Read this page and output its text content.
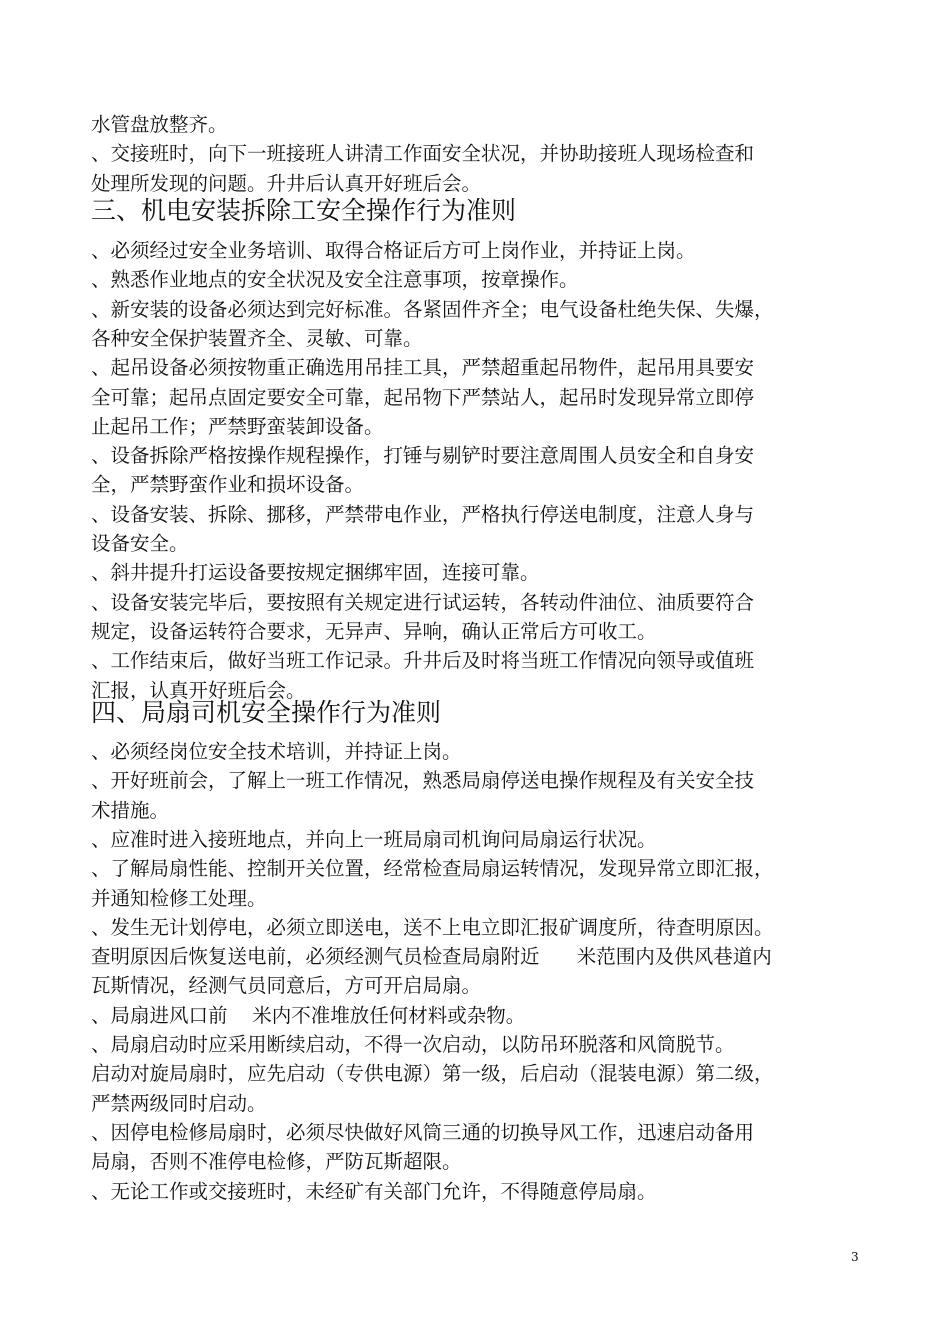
水管盘放整齐。
、交接班时，向下一班接班人讲清工作面安全状况，并协助接班人现场检查和
处理所发现的问题。升井后认真开好班后会。
三、机电安装拆除工安全操作行为准则
、必须经过安全业务培训、取得合格证后方可上岗作业，并持证上岗。
、熟悉作业地点的安全状况及安全注意事项，按章操作。
、新安装的设备必须达到完好标准。各紧固件齐全；电气设备杜绝失保、失爆，
各种安全保护装置齐全、灵敏、可靠。
、起吊设备必须按物重正确选用吊挂工具，严禁超重起吊物件，起吊用具要安
全可靠；起吊点固定要安全可靠，起吊物下严禁站人，起吊时发现异常立即停
止起吊工作；严禁野蛮装卸设备。
、设备拆除严格按操作规程操作，打锤与剔铲时要注意周围人员安全和自身安
全，严禁野蛮作业和损坏设备。
、设备安装、拆除、挪移，严禁带电作业，严格执行停送电制度，注意人身与
设备安全。
、斜井提升打运设备要按规定捆绑牢固，连接可靠。
、设备安装完毕后，要按照有关规定进行试运转，各转动件油位、油质要符合
规定，设备运转符合要求，无异声、异响，确认正常后方可收工。
、工作结束后，做好当班工作记录。升井后及时将当班工作情况向领导或值班
汇报，认真开好班后会。
四、局扇司机安全操作行为准则
、必须经岗位安全技术培训，并持证上岗。
、开好班前会，了解上一班工作情况，熟悉局扇停送电操作规程及有关安全技
术措施。
、应准时进入接班地点，并向上一班局扇司机询问局扇运行状况。
、了解局扇性能、控制开关位置，经常检查局扇运转情况，发现异常立即汇报，
并通知检修工处理。
、发生无计划停电，必须立即送电，送不上电立即汇报矿调度所，待查明原因。
查明原因后恢复送电前，必须经测气员检查局扇附近      米范围内及供风巷道内
瓦斯情况，经测气员同意后，方可开启局扇。
、局扇进风口前    米内不准堆放任何材料或杂物。
、局扇启动时应采用断续启动，不得一次启动，以防吊环脱落和风筒脱节。
启动对旋局扇时，应先启动（专供电源）第一级，后启动（混装电源）第二级，
严禁两级同时启动。
、因停电检修局扇时，必须尽快做好风筒三通的切换导风工作，迅速启动备用
局扇，否则不准停电检修，严防瓦斯超限。
、无论工作或交接班时，未经矿有关部门允许，不得随意停局扇。
3
